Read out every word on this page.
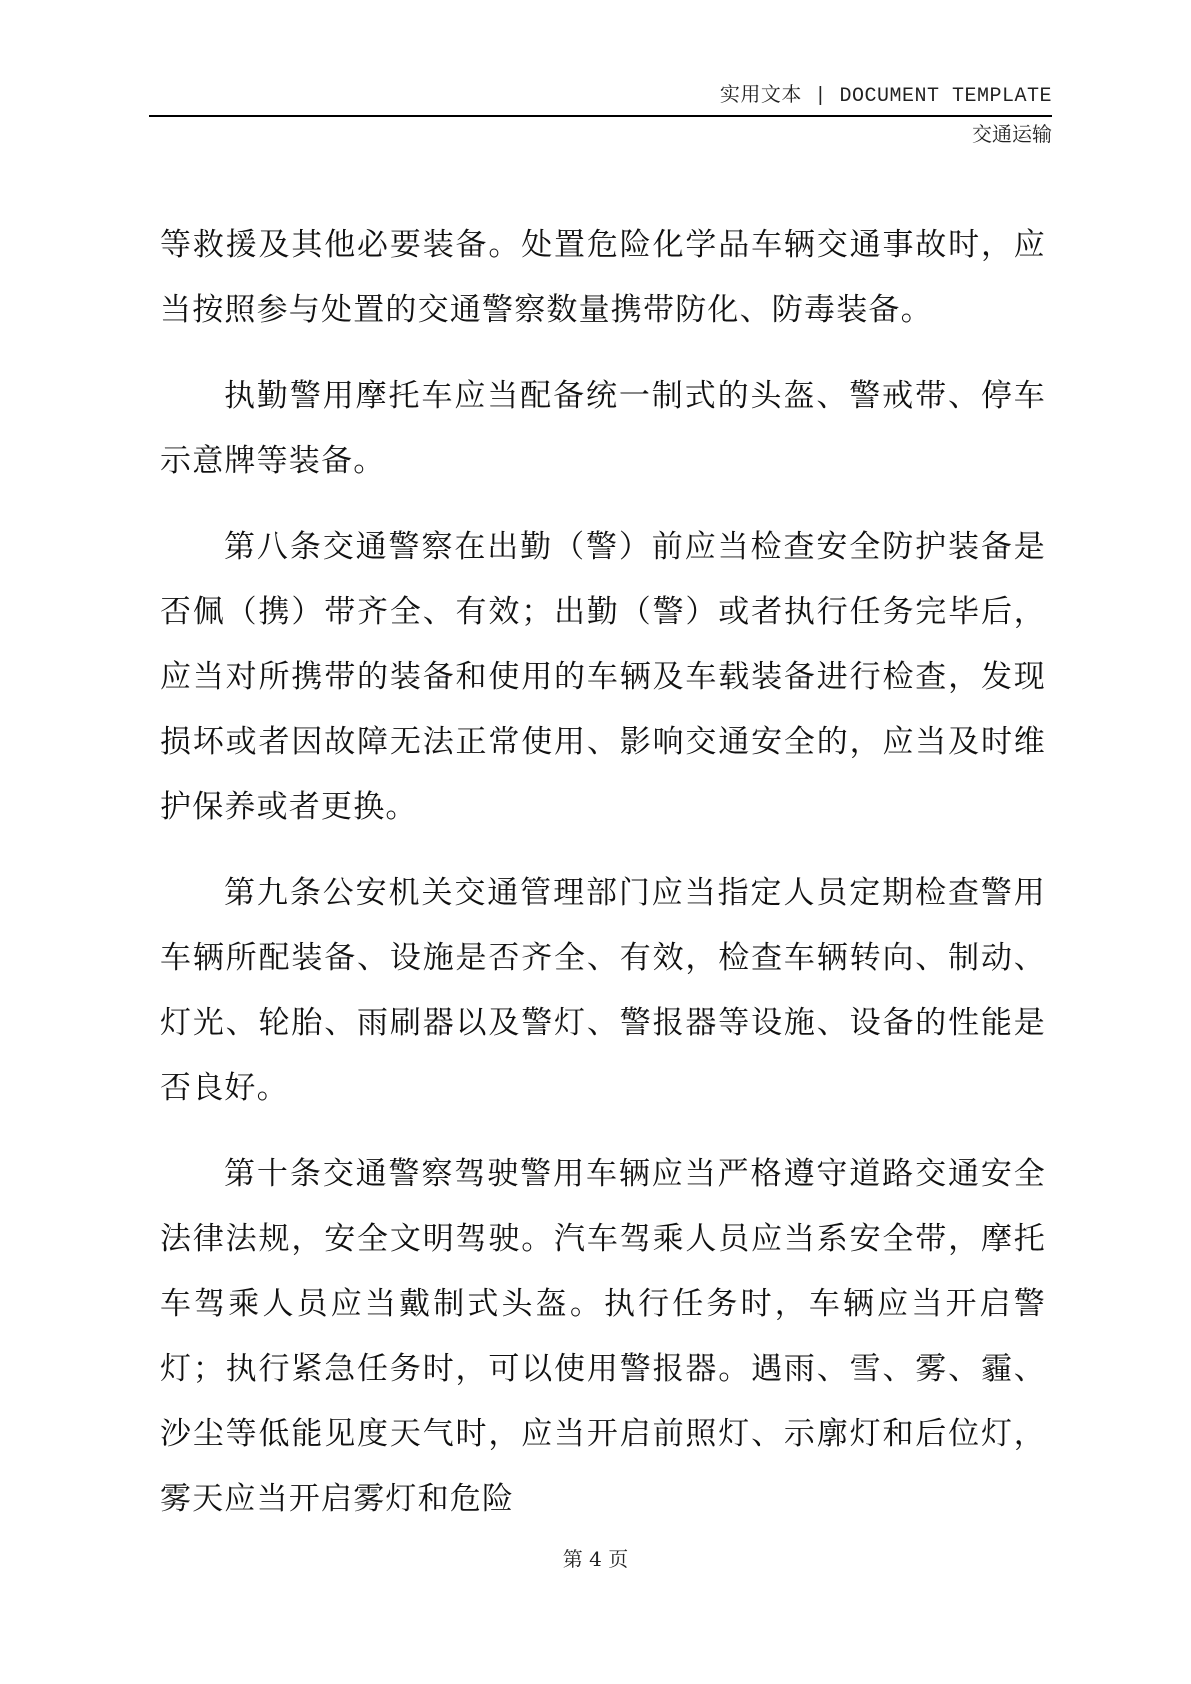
实用文本 | DOCUMENT TEMPLATE
交通运输

等救援及其他必要装备。处置危险化学品车辆交通事故时，应当按照参与处置的交通警察数量携带防化、防毒装备。

执勤警用摩托车应当配备统一制式的头盔、警戒带、停车示意牌等装备。

第八条交通警察在出勤（警）前应当检查安全防护装备是否佩（携）带齐全、有效；出勤（警）或者执行任务完毕后，应当对所携带的装备和使用的车辆及车载装备进行检查，发现损坏或者因故障无法正常使用、影响交通安全的，应当及时维护保养或者更换。

第九条公安机关交通管理部门应当指定人员定期检查警用车辆所配装备、设施是否齐全、有效，检查车辆转向、制动、灯光、轮胎、雨刷器以及警灯、警报器等设施、设备的性能是否良好。

第十条交通警察驾驶警用车辆应当严格遵守道路交通安全法律法规，安全文明驾驶。汽车驾乘人员应当系安全带，摩托车驾乘人员应当戴制式头盔。执行任务时，车辆应当开启警灯；执行紧急任务时，可以使用警报器。遇雨、雪、雾、霾、沙尘等低能见度天气时，应当开启前照灯、示廓灯和后位灯，雾天应当开启雾灯和危险

第 4 页
